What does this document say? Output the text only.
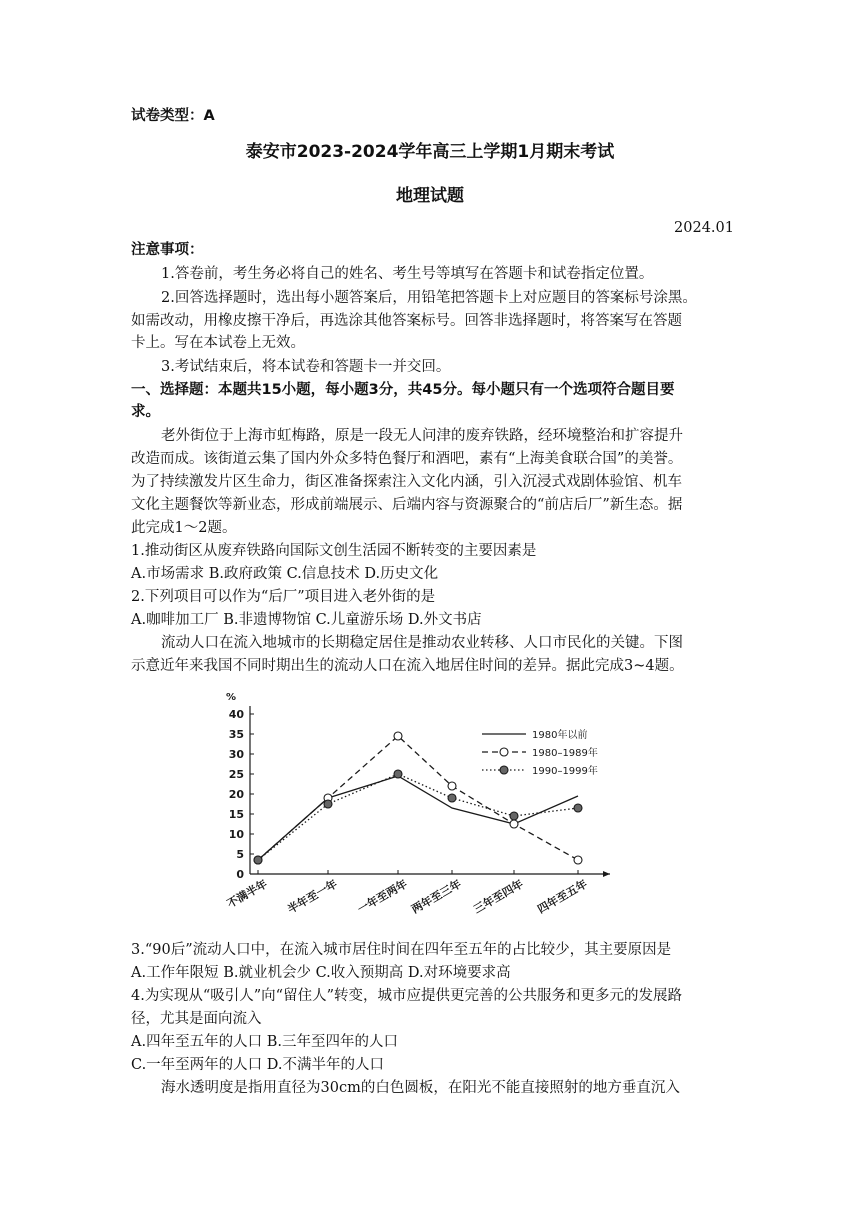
试卷类型：A
泰安市2023-2024学年高三上学期1月期末考试
地理试题
2024.01
注意事项：
1.答卷前，考生务必将自己的姓名、考生号等填写在答题卡和试卷指定位置。
2.回答选择题时，选出每小题答案后，用铅笔把答题卡上对应题目的答案标号涂黑。
如需改动，用橡皮擦干净后，再选涂其他答案标号。回答非选择题时，将答案写在答题
卡上。写在本试卷上无效。
3.考试结束后，将本试卷和答题卡一并交回。
一、选择题：本题共15小题，每小题3分，共45分。每小题只有一个选项符合题目要
求。
老外街位于上海市虹梅路，原是一段无人问津的废弃铁路，经环境整治和扩容提升
改造而成。该街道云集了国内外众多特色餐厅和酒吧，素有“上海美食联合国”的美誉。
为了持续激发片区生命力，街区准备探索注入文化内涵，引入沉浸式戏剧体验馆、机车
文化主题餐饮等新业态，形成前端展示、后端内容与资源聚合的“前店后厂”新生态。据
此完成1～2题。
1.推动街区从废弃铁路向国际文创生活园不断转变的主要因素是
A.市场需求 B.政府政策 C.信息技术 D.历史文化
2.下列项目可以作为“后厂”项目进入老外街的是
A.咖啡加工厂 B.非遗博物馆 C.儿童游乐场 D.外文书店
流动人口在流入地城市的长期稳定居住是推动农业转移、人口市民化的关键。下图
示意近年来我国不同时期出生的流动人口在流入地居住时间的差异。据此完成3~4题。
%
0
5
10
15
20
25
30
35
40
不满半年 半年至一年 一年至两年 两年至三年 三年至四年 四年至五年
1980年以前
1980–1989年
1990–1999年
3.“90后”流动人口中，在流入城市居住时间在四年至五年的占比较少，其主要原因是
A.工作年限短 B.就业机会少 C.收入预期高 D.对环境要求高
4.为实现从“吸引人”向“留住人”转变，城市应提供更完善的公共服务和更多元的发展路
径，尤其是面向流入
A.四年至五年的人口 B.三年至四年的人口
C.一年至两年的人口 D.不满半年的人口
海水透明度是指用直径为30cm的白色圆板，在阳光不能直接照射的地方垂直沉入
